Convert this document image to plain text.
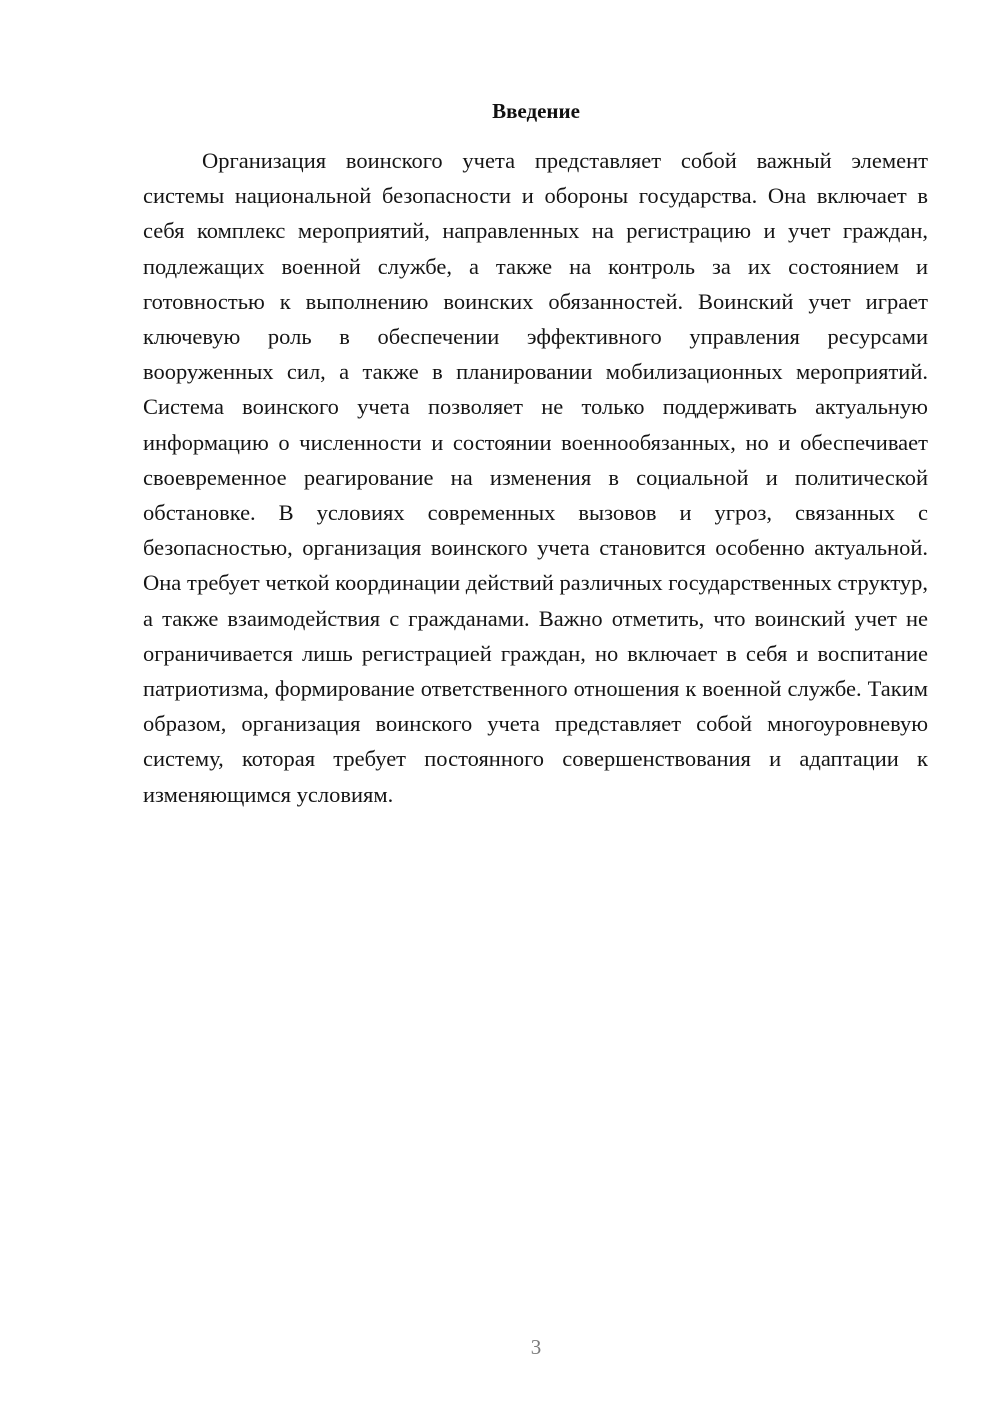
Введение

Организация воинского учета представляет собой важный элемент системы национальной безопасности и обороны государства. Она включает в себя комплекс мероприятий, направленных на регистрацию и учет граждан, подлежащих военной службе, а также на контроль за их состоянием и готовностью к выполнению воинских обязанностей. Воинский учет играет ключевую роль в обеспечении эффективного управления ресурсами вооруженных сил, а также в планировании мобилизационных мероприятий. Система воинского учета позволяет не только поддерживать актуальную информацию о численности и состоянии военнообязанных, но и обеспечивает своевременное реагирование на изменения в социальной и политической обстановке. В условиях современных вызовов и угроз, связанных с безопасностью, организация воинского учета становится особенно актуальной. Она требует четкой координации действий различных государственных структур, а также взаимодействия с гражданами. Важно отметить, что воинский учет не ограничивается лишь регистрацией граждан, но включает в себя и воспитание патриотизма, формирование ответственного отношения к военной службе. Таким образом, организация воинского учета представляет собой многоуровневую систему, которая требует постоянного совершенствования и адаптации к изменяющимся условиям.

3
